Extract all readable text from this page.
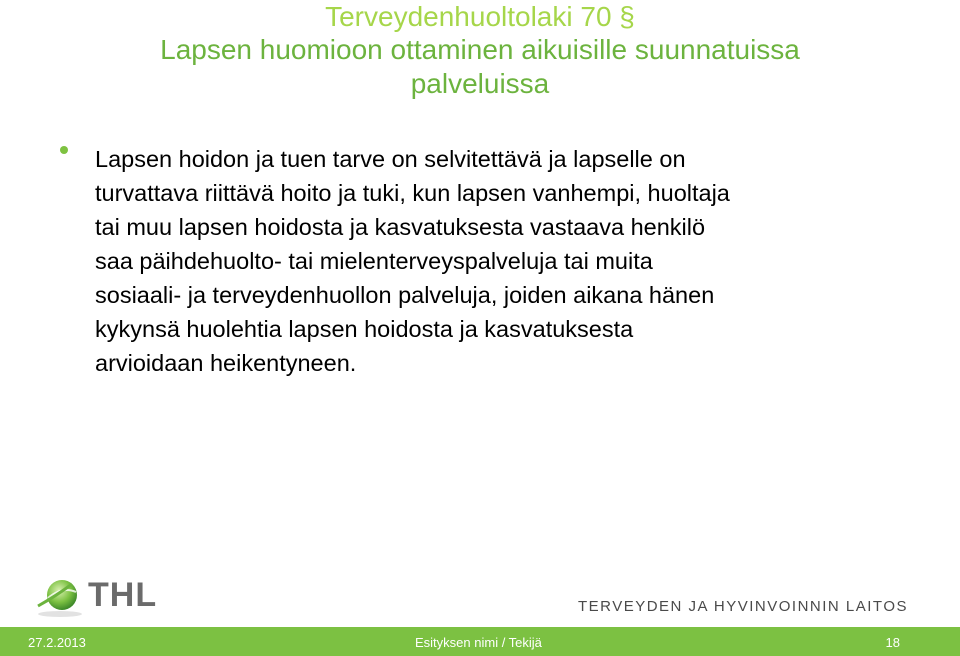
Terveydenhuoltolaki 70 §
Lapsen huomioon ottaminen aikuisille suunnatuissa
palveluissa
Lapsen hoidon ja tuen tarve on selvitettävä ja lapselle on
turvattava riittävä hoito ja tuki, kun lapsen vanhempi, huoltaja
tai muu lapsen hoidosta ja kasvatuksesta vastaava henkilö
saa päihdehuolto- tai mielenterveyspalveluja tai muita
sosiaali- ja terveydenhuollon palveluja, joiden aikana hänen
kykynsä huolehtia lapsen hoidosta ja kasvatuksesta
arvioidaan heikentyneen.
THL	TERVEYDEN JA HYVINVOINNIN LAITOS
27.2.2013	Esityksen nimi / Tekijä	18
